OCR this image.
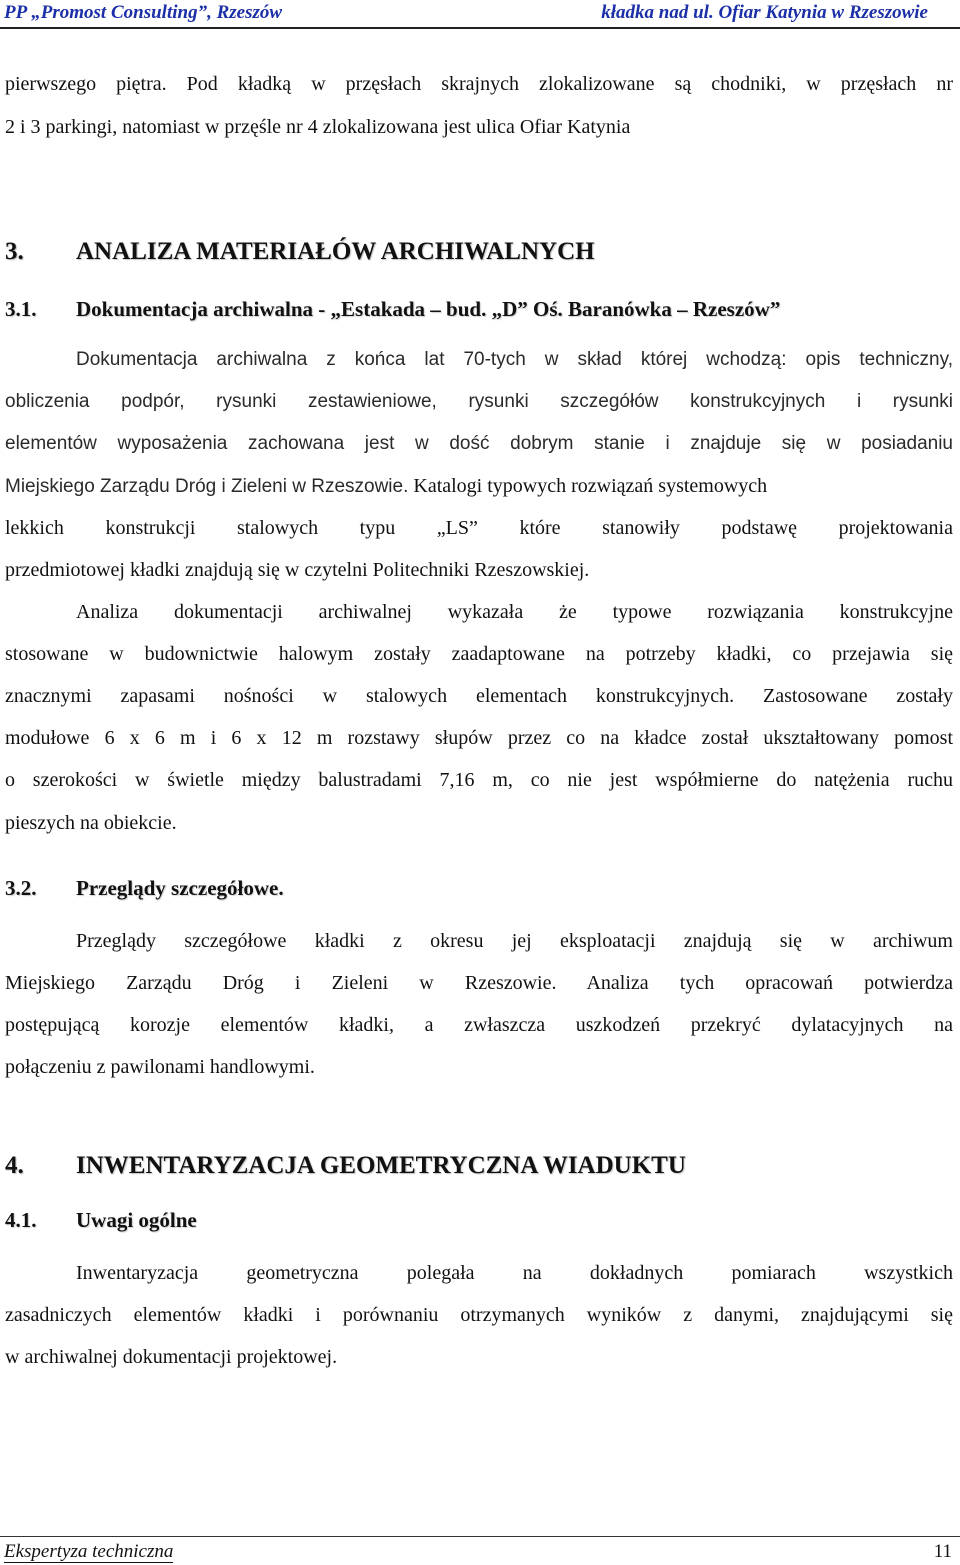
PP „Promost Consulting”, Rzeszów	kładka nad ul. Ofiar Katynia w Rzeszowie
pierwszego piętra. Pod kładką w przęsłach skrajnych zlokalizowane są chodniki, w przęsłach nr
2 i 3 parkingi, natomiast w przęśle nr 4 zlokalizowana jest ulica Ofiar Katynia
3. ANALIZA MATERIAŁÓW ARCHIWALNYCH
3.1. Dokumentacja archiwalna - „Estakada – bud. „D” Oś. Baranówka – Rzeszów”
Dokumentacja archiwalna z końca lat 70-tych w skład której wchodzą: opis techniczny,
obliczenia podpór, rysunki zestawieniowe, rysunki szczegółów konstrukcyjnych i rysunki
elementów wyposażenia zachowana jest w dość dobrym stanie i znajduje się w posiadaniu
Miejskiego Zarządu Dróg i Zieleni w Rzeszowie. Katalogi typowych rozwiązań systemowych
lekkich konstrukcji stalowych typu „LS” które stanowiły podstawę projektowania
przedmiotowej kładki znajdują się w czytelni Politechniki Rzeszowskiej.
Analiza dokumentacji archiwalnej wykazała że typowe rozwiązania konstrukcyjne
stosowane w budownictwie halowym zostały zaadaptowane na potrzeby kładki, co przejawia się
znacznymi zapasami nośności w stalowych elementach konstrukcyjnych. Zastosowane zostały
modułowe 6 x 6 m i 6 x 12 m rozstawy słupów przez co na kładce został ukształtowany pomost
o szerokości w świetle między balustradami 7,16 m, co nie jest współmierne do natężenia ruchu
pieszych na obiekcie.
3.2. Przeglądy szczegółowe.
Przeglądy szczegółowe kładki z okresu jej eksploatacji znajdują się w archiwum
Miejskiego Zarządu Dróg i Zieleni w Rzeszowie. Analiza tych opracowań potwierdza
postępującą korozje elementów kładki, a zwłaszcza uszkodzeń przekryć dylatacyjnych na
połączeniu z pawilonami handlowymi.
4. INWENTARYZACJA GEOMETRYCZNA WIADUKTU
4.1. Uwagi ogólne
Inwentaryzacja geometryczna polegała na dokładnych pomiarach wszystkich
zasadniczych elementów kładki i porównaniu otrzymanych wyników z danymi, znajdującymi się
w archiwalnej dokumentacji projektowej.
Ekspertyza techniczna	11
